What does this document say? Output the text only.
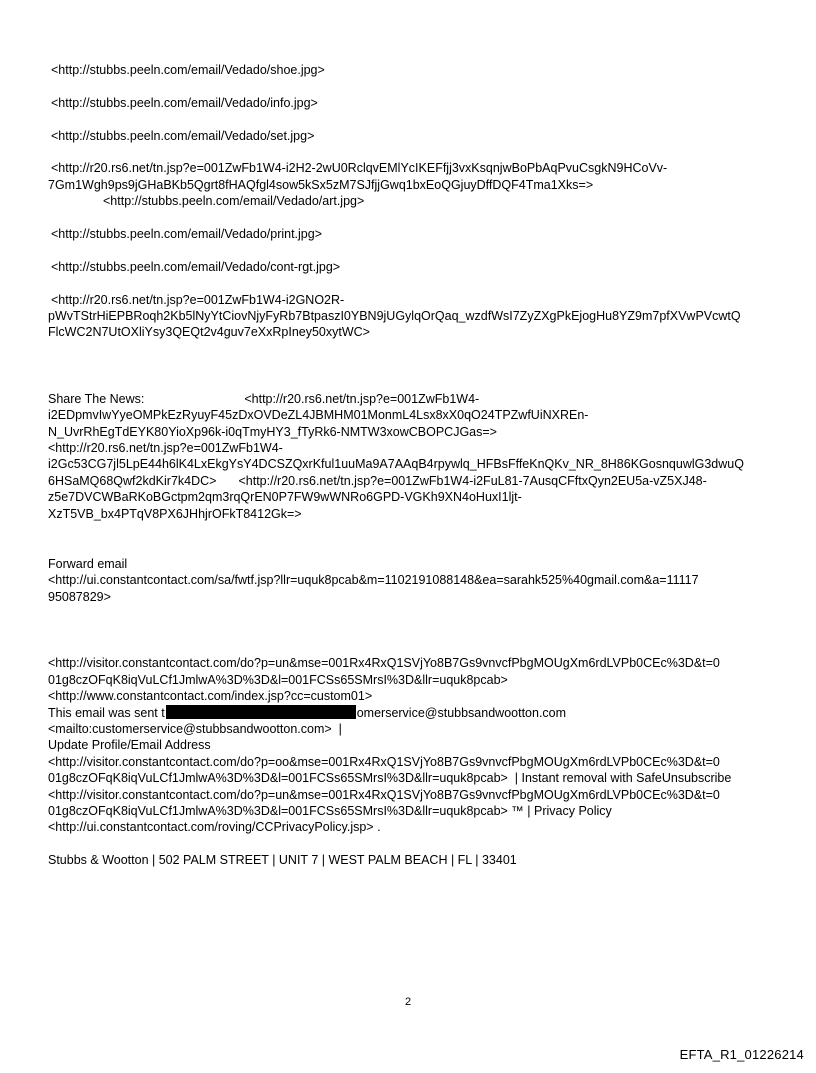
<http://stubbs.peeln.com/email/Vedado/shoe.jpg>
<http://stubbs.peeln.com/email/Vedado/info.jpg>
<http://stubbs.peeln.com/email/Vedado/set.jpg>
<http://r20.rs6.net/tn.jsp?e=001ZwFb1W4-i2H2-2wU0RclqvEMlYcIKEFfjj3vxKsqnjwBoPbAqPvuCsgkN9HCoVv-
7Gm1Wgh9ps9jGHaBKb5Qgrt8fHAQfgl4sow5kSx5zM7SJfjjGwq1bxEoQGjuyDffDQF4Tma1Xks=>
<http://stubbs.peeln.com/email/Vedado/art.jpg>
<http://stubbs.peeln.com/email/Vedado/print.jpg>
<http://stubbs.peeln.com/email/Vedado/cont-rgt.jpg>
<http://r20.rs6.net/tn.jsp?e=001ZwFb1W4-i2GNO2R-
pWvTStrHiEPBRoqh2Kb5lNyYtCiovNjyFyRb7BtpaszI0YBN9jUGylqOrQaq_wzdfWsI7ZyZXgPkEjogHu8YZ9m7pfXVwPVcwtQ
FlcWC2N7UtOXliYsy3QEQt2v4guv7eXxRpIney50xytWC>
Share The News:	<http://r20.rs6.net/tn.jsp?e=001ZwFb1W4-
i2EDpmvIwYyeOMPkEzRyuyF45zDxOVDeZL4JBMHM01MonmL4Lsx8xX0qO24TPZwfUiNXREn-
N_UvrRhEgTdEYK80YioXp96k-i0qTmyHY3_fTyRk6-NMTW3xowCBOPCJGas=>
<http://r20.rs6.net/tn.jsp?e=001ZwFb1W4-
i2Gc53CG7jl5LpE44h6lK4LxEkgYsY4DCSZQxrKful1uuMa9A7AAqB4rpywlq_HFBsFffeKnQKv_NR_8H86KGosnquwlG3dwuQ
6HSaMQ68Qwf2kdKir7k4DC> <http://r20.rs6.net/tn.jsp?e=001ZwFb1W4-i2FuL81-7AusqCFftxQyn2EU5a-vZ5XJ48-
z5e7DVCWBaRKoBGctpm2qm3rqQrEN0P7FW9wWNRo6GPD-VGKh9XN4oHuxI1ljt-
XzT5VB_bx4PTqV8PX6JHhjrOFkT8412Gk=>
Forward email
<http://ui.constantcontact.com/sa/fwtf.jsp?llr=uquk8pcab&m=1102191088148&ea=sarahk525%40gmail.com&a=11117
95087829>
<http://visitor.constantcontact.com/do?p=un&mse=001Rx4RxQ1SVjYo8B7Gs9vnvcfPbgMOUgXm6rdLVPb0CEc%3D&t=0
01g8czOFqK8iqVuLCf1JmlwA%3D%3D&l=001FCSs65SMrsI%3D&llr=uquk8pcab>
<http://www.constantcontact.com/index.jsp?cc=custom01>
This email was sent t	omerservice@stubbsandwootton.com
<mailto:customerservice@stubbsandwootton.com>  |
Update Profile/Email Address
<http://visitor.constantcontact.com/do?p=oo&mse=001Rx4RxQ1SVjYo8B7Gs9vnvcfPbgMOUgXm6rdLVPb0CEc%3D&t=0
01g8czOFqK8iqVuLCf1JmlwA%3D%3D&l=001FCSs65SMrsI%3D&llr=uquk8pcab>  | Instant removal with SafeUnsubscribe
<http://visitor.constantcontact.com/do?p=un&mse=001Rx4RxQ1SVjYo8B7Gs9vnvcfPbgMOUgXm6rdLVPb0CEc%3D&t=0
01g8czOFqK8iqVuLCf1JmlwA%3D%3D&l=001FCSs65SMrsI%3D&llr=uquk8pcab> ™ | Privacy Policy
<http://ui.constantcontact.com/roving/CCPrivacyPolicy.jsp> .
Stubbs & Wootton | 502 PALM STREET | UNIT 7 | WEST PALM BEACH | FL | 33401
2
EFTA_R1_01226214
